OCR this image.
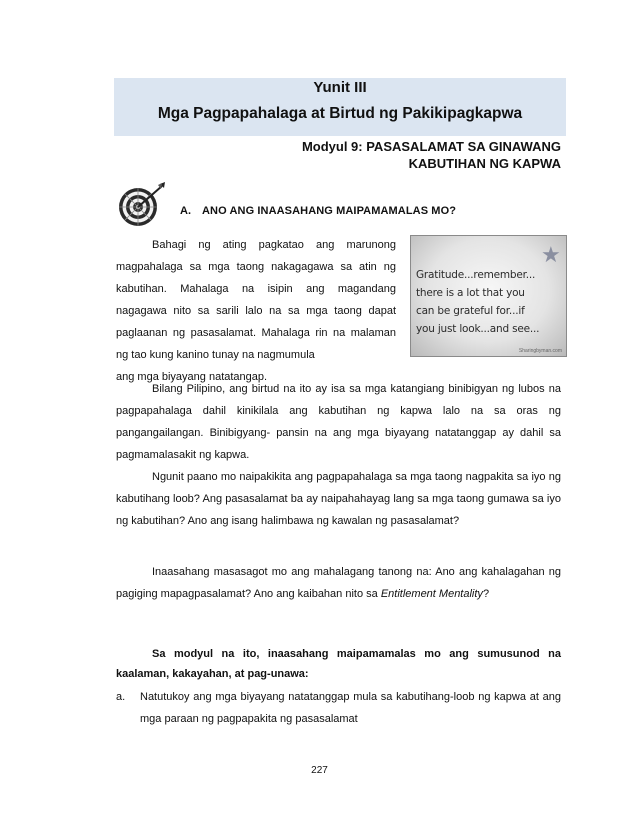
Yunit III
Mga Pagpapahalaga at Birtud ng Pakikipagkapwa
Modyul 9: PASASALAMAT SA GINAWANG
KABUTIHAN NG KAPWA
A. ANO ANG INAASAHANG MAIPAMAMALAS MO?
Bahagi ng ating pagkatao ang marunong magpahalaga sa mga taong nakagagawa sa atin ng kabutihan. Mahalaga na isipin ang magandang nagagawa nito sa sarili lalo na sa mga taong dapat paglaanan ng pasasalamat. Mahalaga rin na malaman ng tao kung kanino tunay na nagmumula
ang mga biyayang natatangap.
★
Gratitude...remember...
there is a lot that you
can be grateful for...if
you just look...and see...
Sharingbyman.com

Bilang Pilipino, ang birtud na ito ay isa sa mga katangiang binibigyan ng lubos na pagpapahalaga dahil kinikilala ang kabutihan ng kapwa lalo na sa oras ng pangangailangan. Binibigyang- pansin na ang mga biyayang natatanggap ay dahil sa pagmamalasakit ng kapwa.

Ngunit paano mo naipakikita ang pagpapahalaga sa mga taong nagpakita sa iyo ng kabutihang loob? Ang pasasalamat ba ay naipahahayag lang sa mga taong gumawa sa iyo ng kabutihan? Ano ang isang halimbawa ng kawalan ng pasasalamat?

Inaasahang masasagot mo ang mahalagang tanong na: Ano ang kahalagahan ng pagiging mapagpasalamat? Ano ang kaibahan nito sa Entitlement Mentality?

Sa modyul na ito, inaasahang maipamamalas mo ang sumusunod na kaalaman, kakayahan, at pag-unawa:

a. Natutukoy ang mga biyayang natatanggap mula sa kabutihang-loob ng kapwa at ang mga paraan ng pagpapakita ng pasasalamat
227
